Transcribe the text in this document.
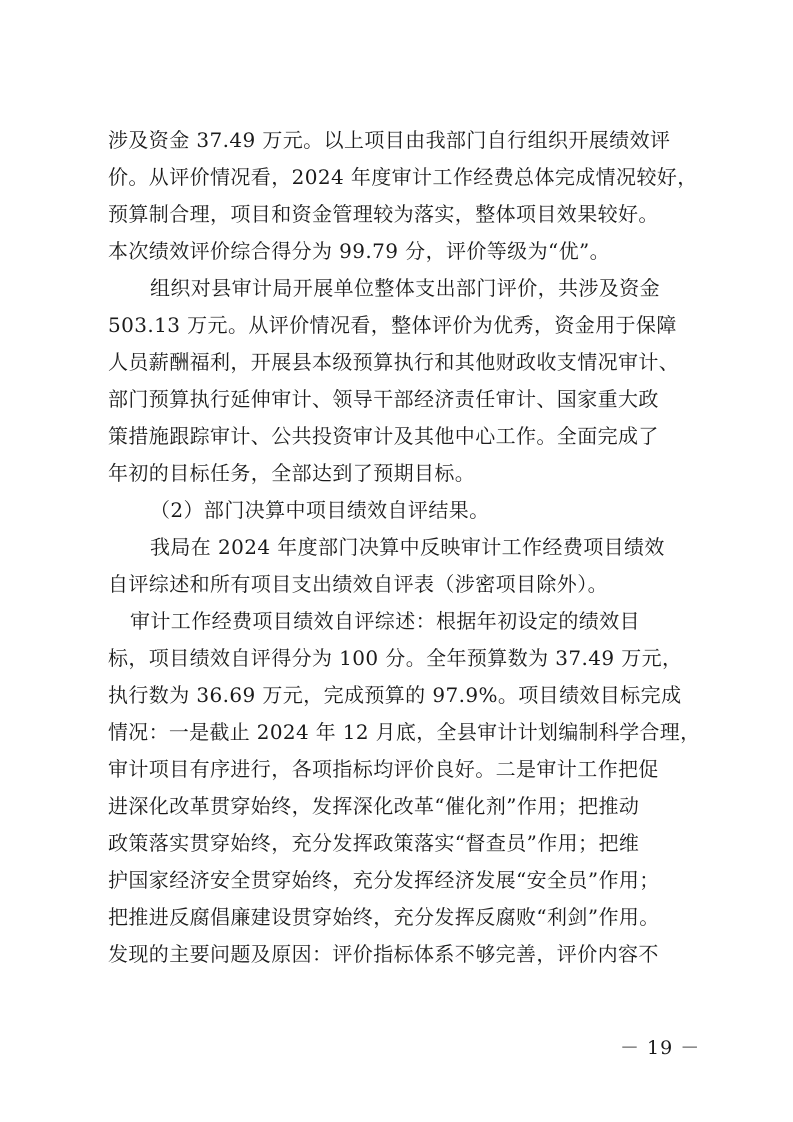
涉及资金 37.49 万元。以上项目由我部门自行组织开展绩效评
价。从评价情况看，2024 年度审计工作经费总体完成情况较好，
预算制合理，项目和资金管理较为落实，整体项目效果较好。
本次绩效评价综合得分为 99.79 分，评价等级为“优”。
组织对县审计局开展单位整体支出部门评价，共涉及资金
503.13 万元。从评价情况看，整体评价为优秀，资金用于保障
人员薪酬福利，开展县本级预算执行和其他财政收支情况审计、
部门预算执行延伸审计、领导干部经济责任审计、国家重大政
策措施跟踪审计、公共投资审计及其他中心工作。全面完成了
年初的目标任务，全部达到了预期目标。
（2）部门决算中项目绩效自评结果。
我局在 2024 年度部门决算中反映审计工作经费项目绩效
自评综述和所有项目支出绩效自评表（涉密项目除外）。
审计工作经费项目绩效自评综述：根据年初设定的绩效目
标，项目绩效自评得分为 100 分。全年预算数为 37.49 万元，
执行数为 36.69 万元，完成预算的 97.9%。项目绩效目标完成
情况：一是截止 2024 年 12 月底，全县审计计划编制科学合理，
审计项目有序进行，各项指标均评价良好。二是审计工作把促
进深化改革贯穿始终，发挥深化改革“催化剂”作用；把推动
政策落实贯穿始终，充分发挥政策落实“督查员”作用；把维
护国家经济安全贯穿始终，充分发挥经济发展“安全员”作用；
把推进反腐倡廉建设贯穿始终，充分发挥反腐败“利剑”作用。
发现的主要问题及原因：评价指标体系不够完善，评价内容不
－ 19 －
